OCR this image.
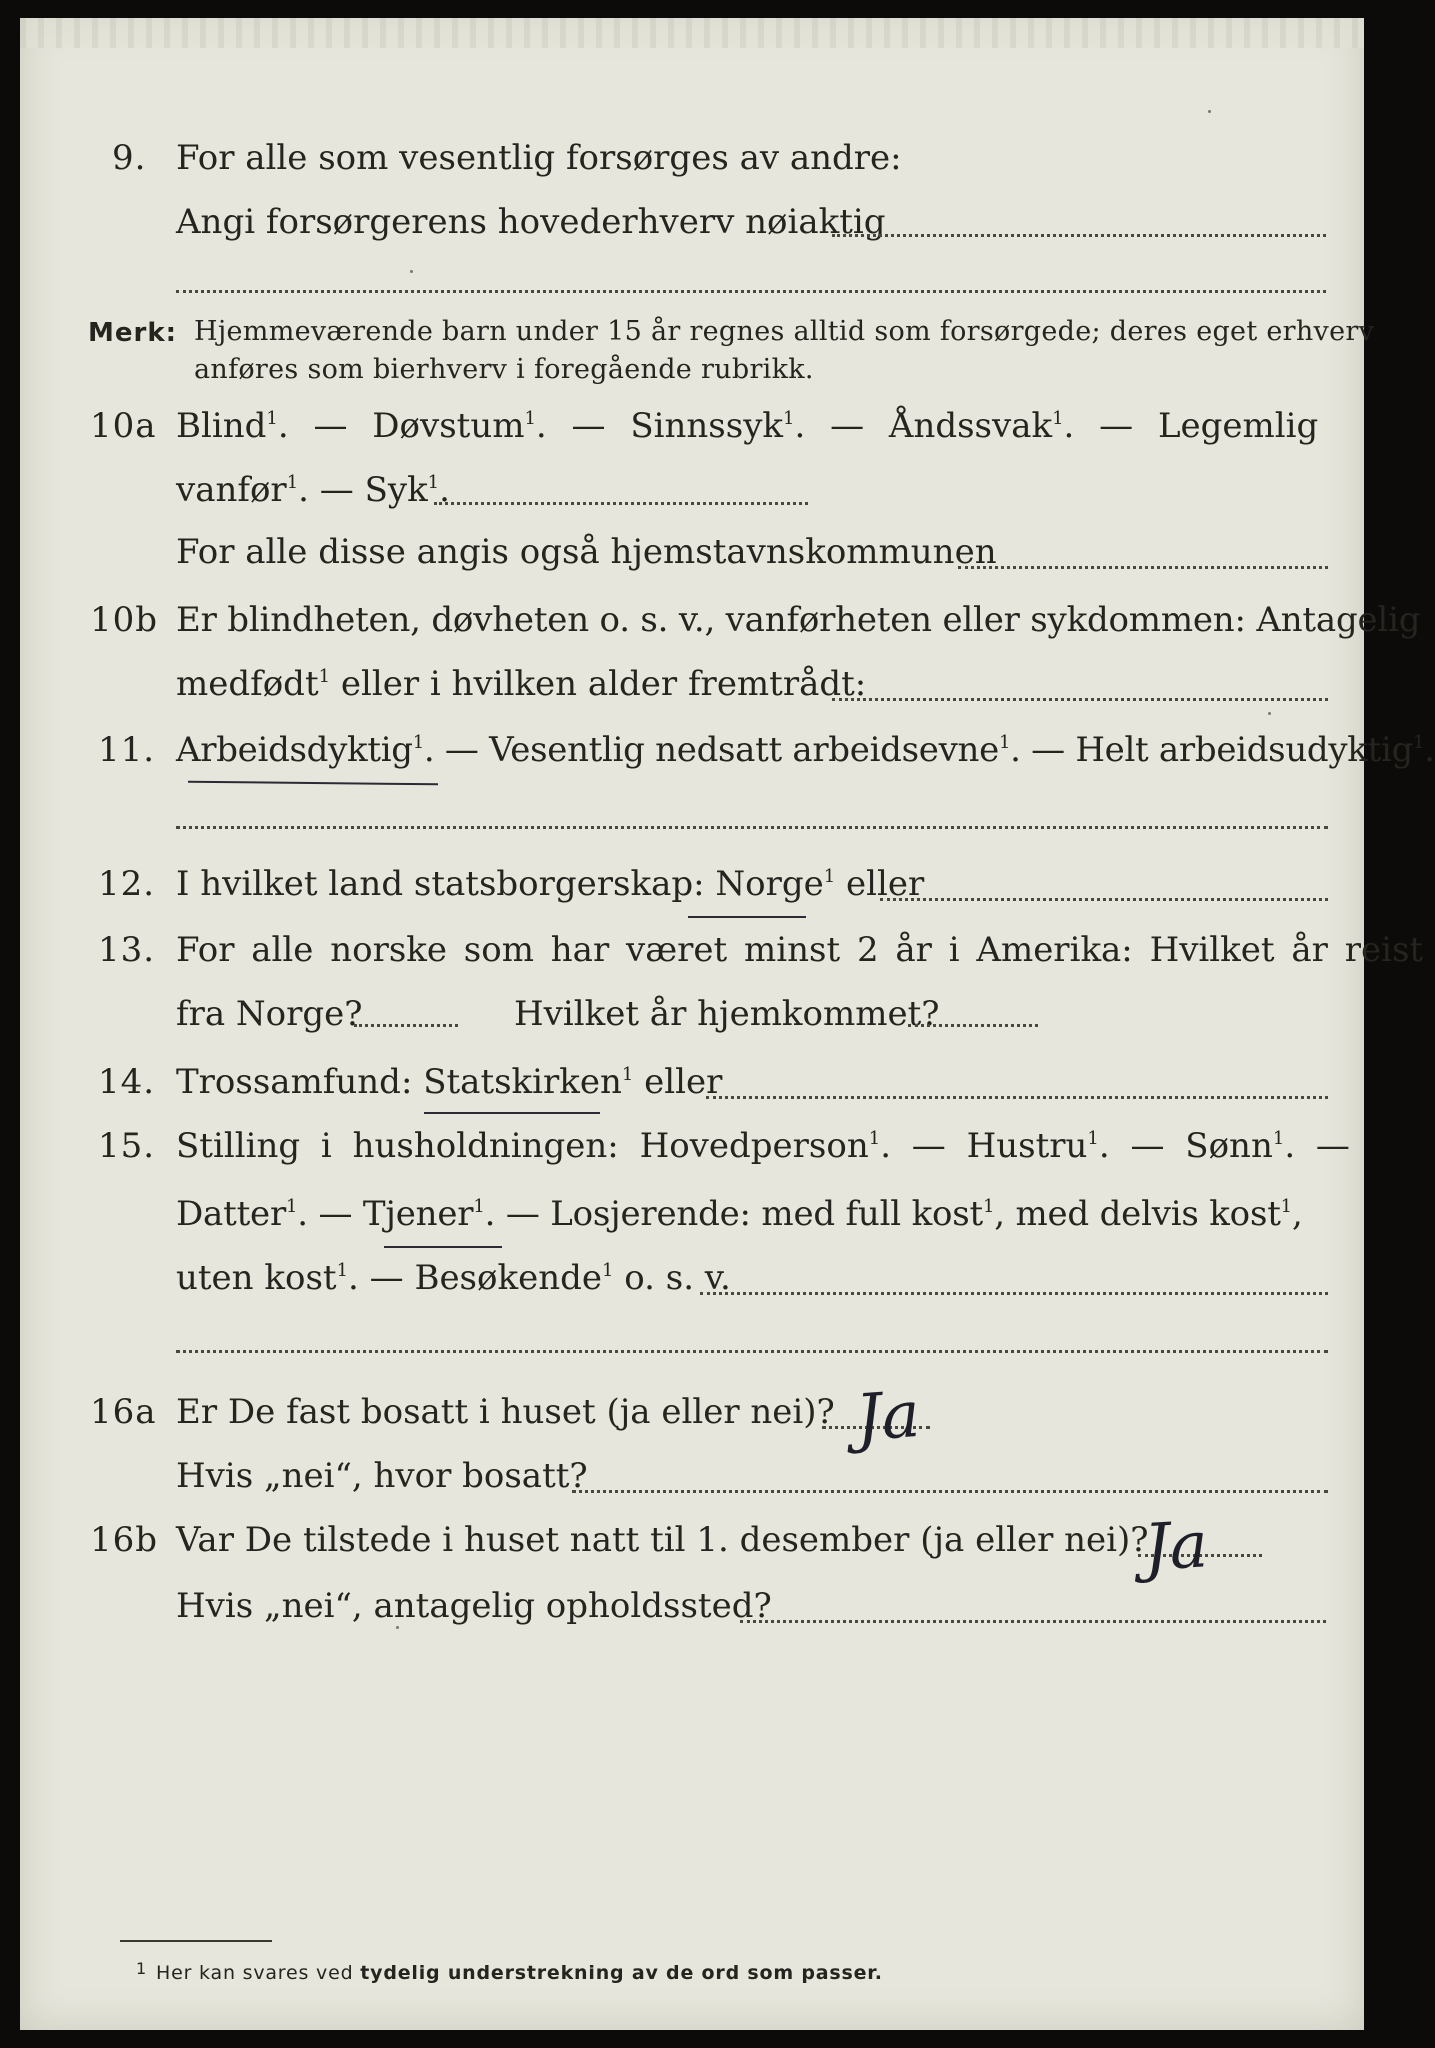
9. For alle som vesentlig forsørges av andre:
Angi forsørgerens hovederhverv nøiaktig
Merk: Hjemmeværende barn under 15 år regnes alltid som forsørgede; deres eget erhverv
anføres som bierhverv i foregående rubrikk.
10a Blind$^1$. — Døvstum$^1$. — Sinnssyk$^1$. — Åndssvak$^1$. — Legemlig
vanfør$^1$. — Syk$^1$.
For alle disse angis også hjemstavnskommunen
10b Er blindheten, døvheten o. s. v., vanførheten eller sykdommen: Antagelig
medfødt$^1$ eller i hvilken alder fremtrådt:
11. Arbeidsdyktig$^1$. — Vesentlig nedsatt arbeidsevne$^1$. — Helt arbeidsudyktig$^1$.
12. I hvilket land statsborgerskap: Norge$^1$ eller
13. For alle norske som har været minst 2 år i Amerika: Hvilket år reist
fra Norge?	Hvilket år hjemkommet?
14. Trossamfund: Statskirken$^1$ eller
15. Stilling i husholdningen: Hovedperson$^1$. — Hustru$^1$. — Sønn$^1$. —
Datter$^1$. — Tjener$^1$. — Losjerende: med full kost$^1$, med delvis kost$^1$,
uten kost$^1$. — Besøkende$^1$ o. s. v.
16a Er De fast bosatt i huset (ja eller nei)? Ja
Hvis „nei“, hvor bosatt?
16b Var De tilstede i huset natt til 1. desember (ja eller nei)?
Ja
Hvis „nei“, antagelig opholdssted?
1 Her kan svares ved tydelig understrekning av de ord som passer.
